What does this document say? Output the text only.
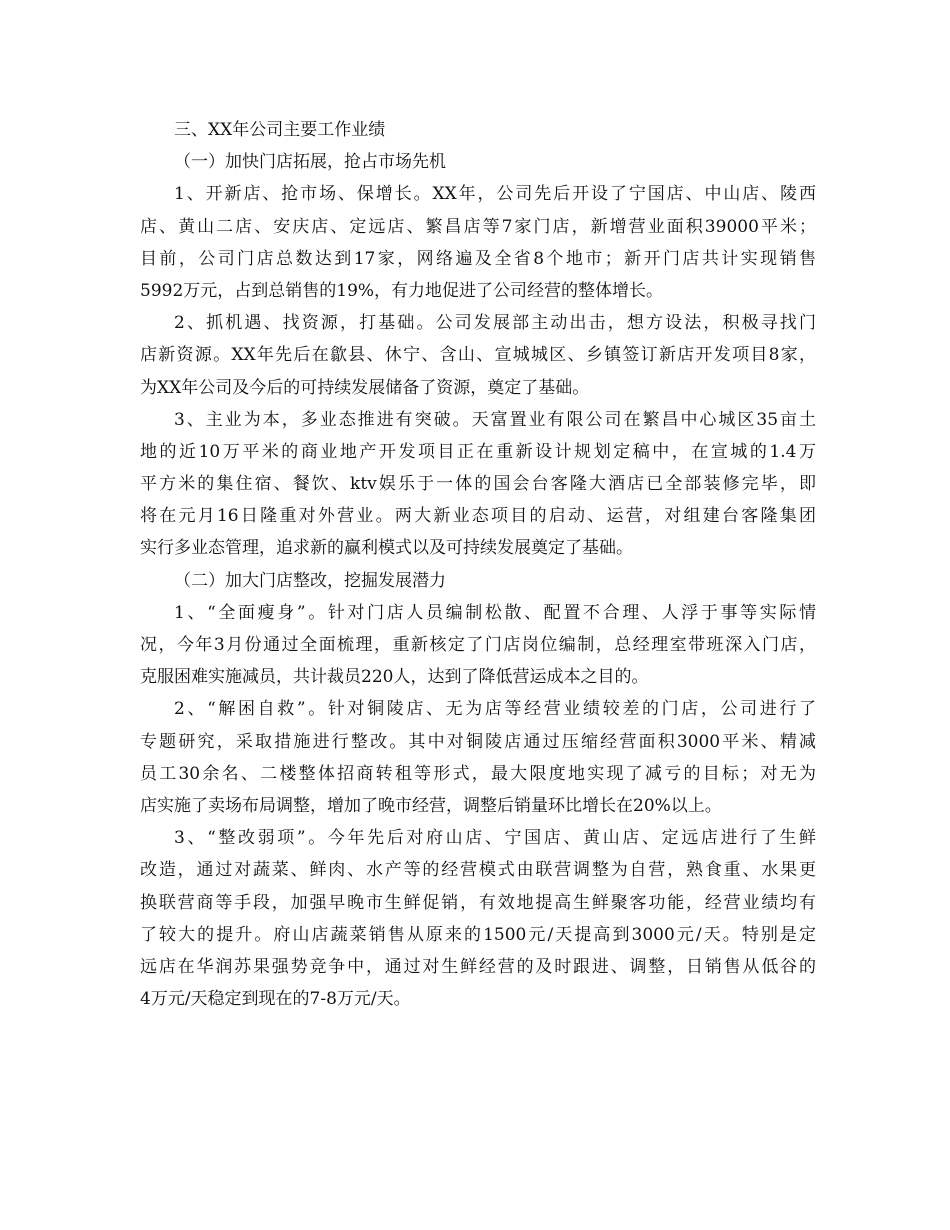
三、XX年公司主要工作业绩
（一）加快门店拓展，抢占市场先机
1、开新店、抢市场、保增长。XX年，公司先后开设了宁国店、中山店、陵西
店、黄山二店、安庆店、定远店、繁昌店等7家门店，新增营业面积39000平米；
目前，公司门店总数达到17家，网络遍及全省8个地市；新开门店共计实现销售
5992万元，占到总销售的19%，有力地促进了公司经营的整体增长。
2、抓机遇、找资源，打基础。公司发展部主动出击，想方设法，积极寻找门
店新资源。XX年先后在歙县、休宁、含山、宣城城区、乡镇签订新店开发项目8家，
为XX年公司及今后的可持续发展储备了资源，奠定了基础。
3、主业为本，多业态推进有突破。天富置业有限公司在繁昌中心城区35亩土
地的近10万平米的商业地产开发项目正在重新设计规划定稿中，在宣城的1.4万
平方米的集住宿、餐饮、ktv娱乐于一体的国会台客隆大酒店已全部装修完毕，即
将在元月16日隆重对外营业。两大新业态项目的启动、运营，对组建台客隆集团
实行多业态管理，追求新的赢利模式以及可持续发展奠定了基础。
（二）加大门店整改，挖掘发展潜力
1、“全面瘦身”。针对门店人员编制松散、配置不合理、人浮于事等实际情
况，今年3月份通过全面梳理，重新核定了门店岗位编制，总经理室带班深入门店，
克服困难实施减员，共计裁员220人，达到了降低营运成本之目的。
2、“解困自救”。针对铜陵店、无为店等经营业绩较差的门店，公司进行了
专题研究，采取措施进行整改。其中对铜陵店通过压缩经营面积3000平米、精减
员工30余名、二楼整体招商转租等形式，最大限度地实现了减亏的目标；对无为
店实施了卖场布局调整，增加了晚市经营，调整后销量环比增长在20%以上。
3、“整改弱项”。今年先后对府山店、宁国店、黄山店、定远店进行了生鲜
改造，通过对蔬菜、鲜肉、水产等的经营模式由联营调整为自营，熟食重、水果更
换联营商等手段，加强早晚市生鲜促销，有效地提高生鲜聚客功能，经营业绩均有
了较大的提升。府山店蔬菜销售从原来的1500元/天提高到3000元/天。特别是定
远店在华润苏果强势竞争中，通过对生鲜经营的及时跟进、调整，日销售从低谷的
4万元/天稳定到现在的7-8万元/天。
